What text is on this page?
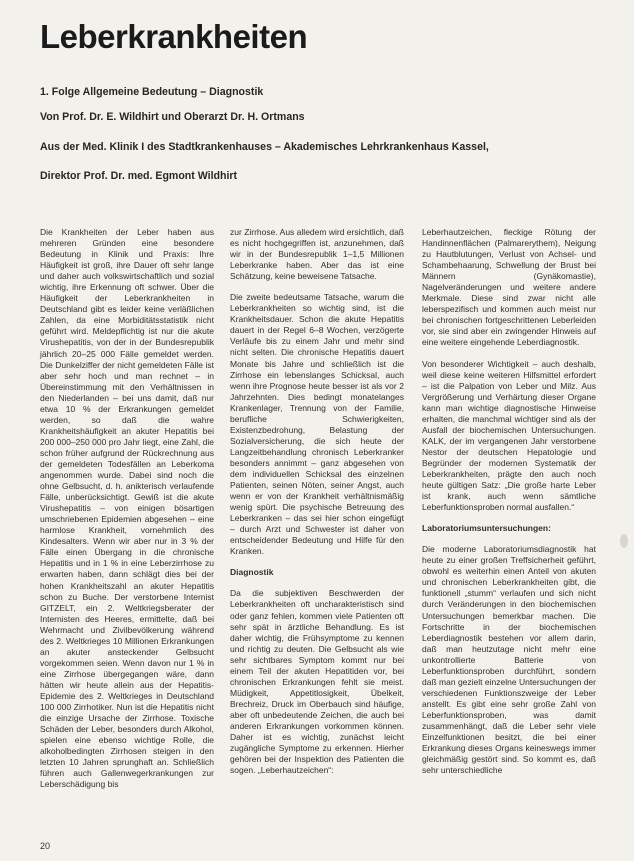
Leberkrankheiten

1. Folge Allgemeine Bedeutung – Diagnostik

Von Prof. Dr. E. Wildhirt und Oberarzt Dr. H. Ortmans

Aus der Med. Klinik I des Stadtkrankenhauses – Akademisches Lehrkrankenhaus Kassel,

Direktor Prof. Dr. med. Egmont Wildhirt

Die Krankheiten der Leber haben aus mehreren Gründen eine besondere Bedeutung in Klinik und Praxis: Ihre Häufigkeit ist groß, ihre Dauer oft sehr lange und daher auch volkswirtschaftlich und sozial wichtig, ihre Erkennung oft schwer. Über die Häufigkeit der Leberkrankheiten in Deutschland gibt es leider keine verläßlichen Zahlen, da eine Morbiditätsstatistik nicht geführt wird. Meldepflichtig ist nur die akute Virushepatitis, von der in der Bundesrepublik jährlich 20–25 000 Fälle gemeldet werden. Die Dunkelziffer der nicht gemeldeten Fälle ist aber sehr hoch und man rechnet – in Übereinstimmung mit den Verhältnissen in den Niederlanden – bei uns damit, daß nur etwa 10 % der Erkrankungen gemeldet werden, so daß die wahre Krankheitshäufigkeit an akuter Hepatitis bei 200 000–250 000 pro Jahr liegt, eine Zahl, die schon früher aufgrund der Rückrechnung aus der gemeldeten Todesfällen an Leberkoma angenommen wurde. Dabei sind noch die ohne Gelbsucht, d. h. anikterisch verlaufende Fälle, unberücksichtigt. Gewiß ist die akute Virushepatitis – von einigen bösartigen umschriebenen Epidemien abgesehen – eine harmlose Krankheit, vornehmlich des Kindesalters. Wenn wir aber nur in 3 % der Fälle einen Übergang in die chronische Hepatitis und in 1 % in eine Leberzirrhose zu erwarten haben, dann schlägt dies bei der hohen Krankheitszahl an akuter Hepatitis schon zu Buche. Der verstorbene Internist GITZELT, ein 2. Weltkriegsberater der Internisten des Heeres, ermittelte, daß bei Wehrmacht und Zivilbevölkerung während des 2. Weltkrieges 10 Millionen Erkrankungen an akuter ansteckender Gelbsucht vorgekommen seien. Wenn davon nur 1 % in eine Zirrhose übergegangen wäre, dann hätten wir heute allein aus der Hepatitis-Epidemie des 2. Weltkrieges in Deutschland 100 000 Zirrhotiker. Nun ist die Hepatitis nicht die einzige Ursache der Zirrhose. Toxische Schäden der Leber, besonders durch Alkohol, spielen eine ebenso wichtige Rolle, die alkoholbedingten Zirrhosen steigen in den letzten 10 Jahren sprunghaft an. Schließlich führen auch Gallenwegerkrankungen zur Leberschädigung bis

zur Zirrhose. Aus alledem wird ersichtlich, daß es nicht hochgegriffen ist, anzunehmen, daß wir in der Bundesrepublik 1–1,5 Millionen Leberkranke haben. Aber das ist eine Schätzung, keine beweisene Tatsache.

Die zweite bedeutsame Tatsache, warum die Leberkrankheiten so wichtig sind, ist die Krankheitsdauer. Schon die akute Hepatitis dauert in der Regel 6–8 Wochen, verzögerte Verläufe bis zu einem Jahr und mehr sind nicht selten. Die chronische Hepatitis dauert Monate bis Jahre und schließlich ist die Zirrhose ein lebenslanges Schicksal, auch wenn ihre Prognose heute besser ist als vor 2 Jahrzehnten. Dies bedingt monatelanges Krankenlager, Trennung von der Familie, berufliche Schwierigkeiten, Existenzbedrohung, Belastung der Sozialversicherung, die sich heute der Langzeitbehandlung chronisch Leberkranker besonders annimmt – ganz abgesehen von dem individuellen Schicksal des einzelnen Patienten, seinen Nöten, seiner Angst, auch wenn er von der Krankheit verhältnismäßig wenig spürt. Die psychische Betreuung des Leberkranken – das sei hier schon eingefügt – durch Arzt und Schwester ist daher von entscheidender Bedeutung und Hilfe für den Kranken.

Diagnostik

Da die subjektiven Beschwerden der Leberkrankheiten oft uncharakteristisch sind oder ganz fehlen, kommen viele Patienten oft sehr spät in ärztliche Behandlung. Es ist daher wichtig, die Frühsymptome zu kennen und richtig zu deuten. Die Gelbsucht als wie sehr sichtbares Symptom kommt nur bei einem Teil der akuten Hepatitiden vor, bei chronischen Erkrankungen fehlt sie meist. Müdigkeit, Appetitlosigkeit, Übelkeit, Brechreiz, Druck im Oberbauch sind häufige, aber oft unbedeutende Zeichen, die auch bei anderen Erkrankungen vorkommen können. Daher ist es wichtig, zunächst leicht zugängliche Symptome zu erkennen. Hierher gehören bei der Inspektion des Patienten die sogen. „Leberhautzeichen“:

Leberhautzeichen, fleckige Rötung der Handinnenflächen (Palmarerythem), Neigung zu Hautblutungen, Verlust von Achsel- und Schambehaarung, Schwellung der Brust bei Männern (Gynäkomastie), Nagelveränderungen und weitere andere Merkmale. Diese sind zwar nicht alle leberspezifisch und kommen auch meist nur bei chronischen fortgeschrittenen Leberleiden vor, sie sind aber ein zwingender Hinweis auf eine weitere eingehende Leberdiagnostik.

Von besonderer Wichtigkeit – auch deshalb, weil diese keine weiteren Hilfsmittel erfordert – ist die Palpation von Leber und Milz. Aus Vergrößerung und Verhärtung dieser Organe kann man wichtige diagnostische Hinweise erhalten, die manchmal wichtiger sind als der Ausfall der biochemischen Untersuchungen. KALK, der im vergangenen Jahr verstorbene Nestor der deutschen Hepatologie und Begründer der modernen Systematik der Leberkrankheiten, prägte den auch noch heute gültigen Satz: „Die große harte Leber ist krank, auch wenn sämtliche Leberfunktionsproben normal ausfallen.“

Laboratoriumsuntersuchungen:

Die moderne Laboratoriumsdiagnostik hat heute zu einer großen Treffsicherheit geführt, obwohl es weiterhin einen Anteil von akuten und chronischen Leberkrankheiten gibt, die funktionell „stumm“ verlaufen und sich nicht durch Veränderungen in den biochemischen Untersuchungen bemerkbar machen. Die Fortschritte in der biochemischen Leberdiagnostik bestehen vor allem darin, daß man heutzutage nicht mehr eine unkontrollierte Batterie von Leberfunktionsproben durchführt, sondern daß man gezielt einzelne Untersuchungen der verschiedenen Funktionszweige der Leber anstellt. Es gibt eine sehr große Zahl von Leberfunktionsproben, was damit zusammenhängt, daß die Leber sehr viele Einzelfunktionen besitzt, die bei einer Erkrankung dieses Organs keineswegs immer gleichmäßig gestört sind. So kommt es, daß sehr unterschiedliche

20
